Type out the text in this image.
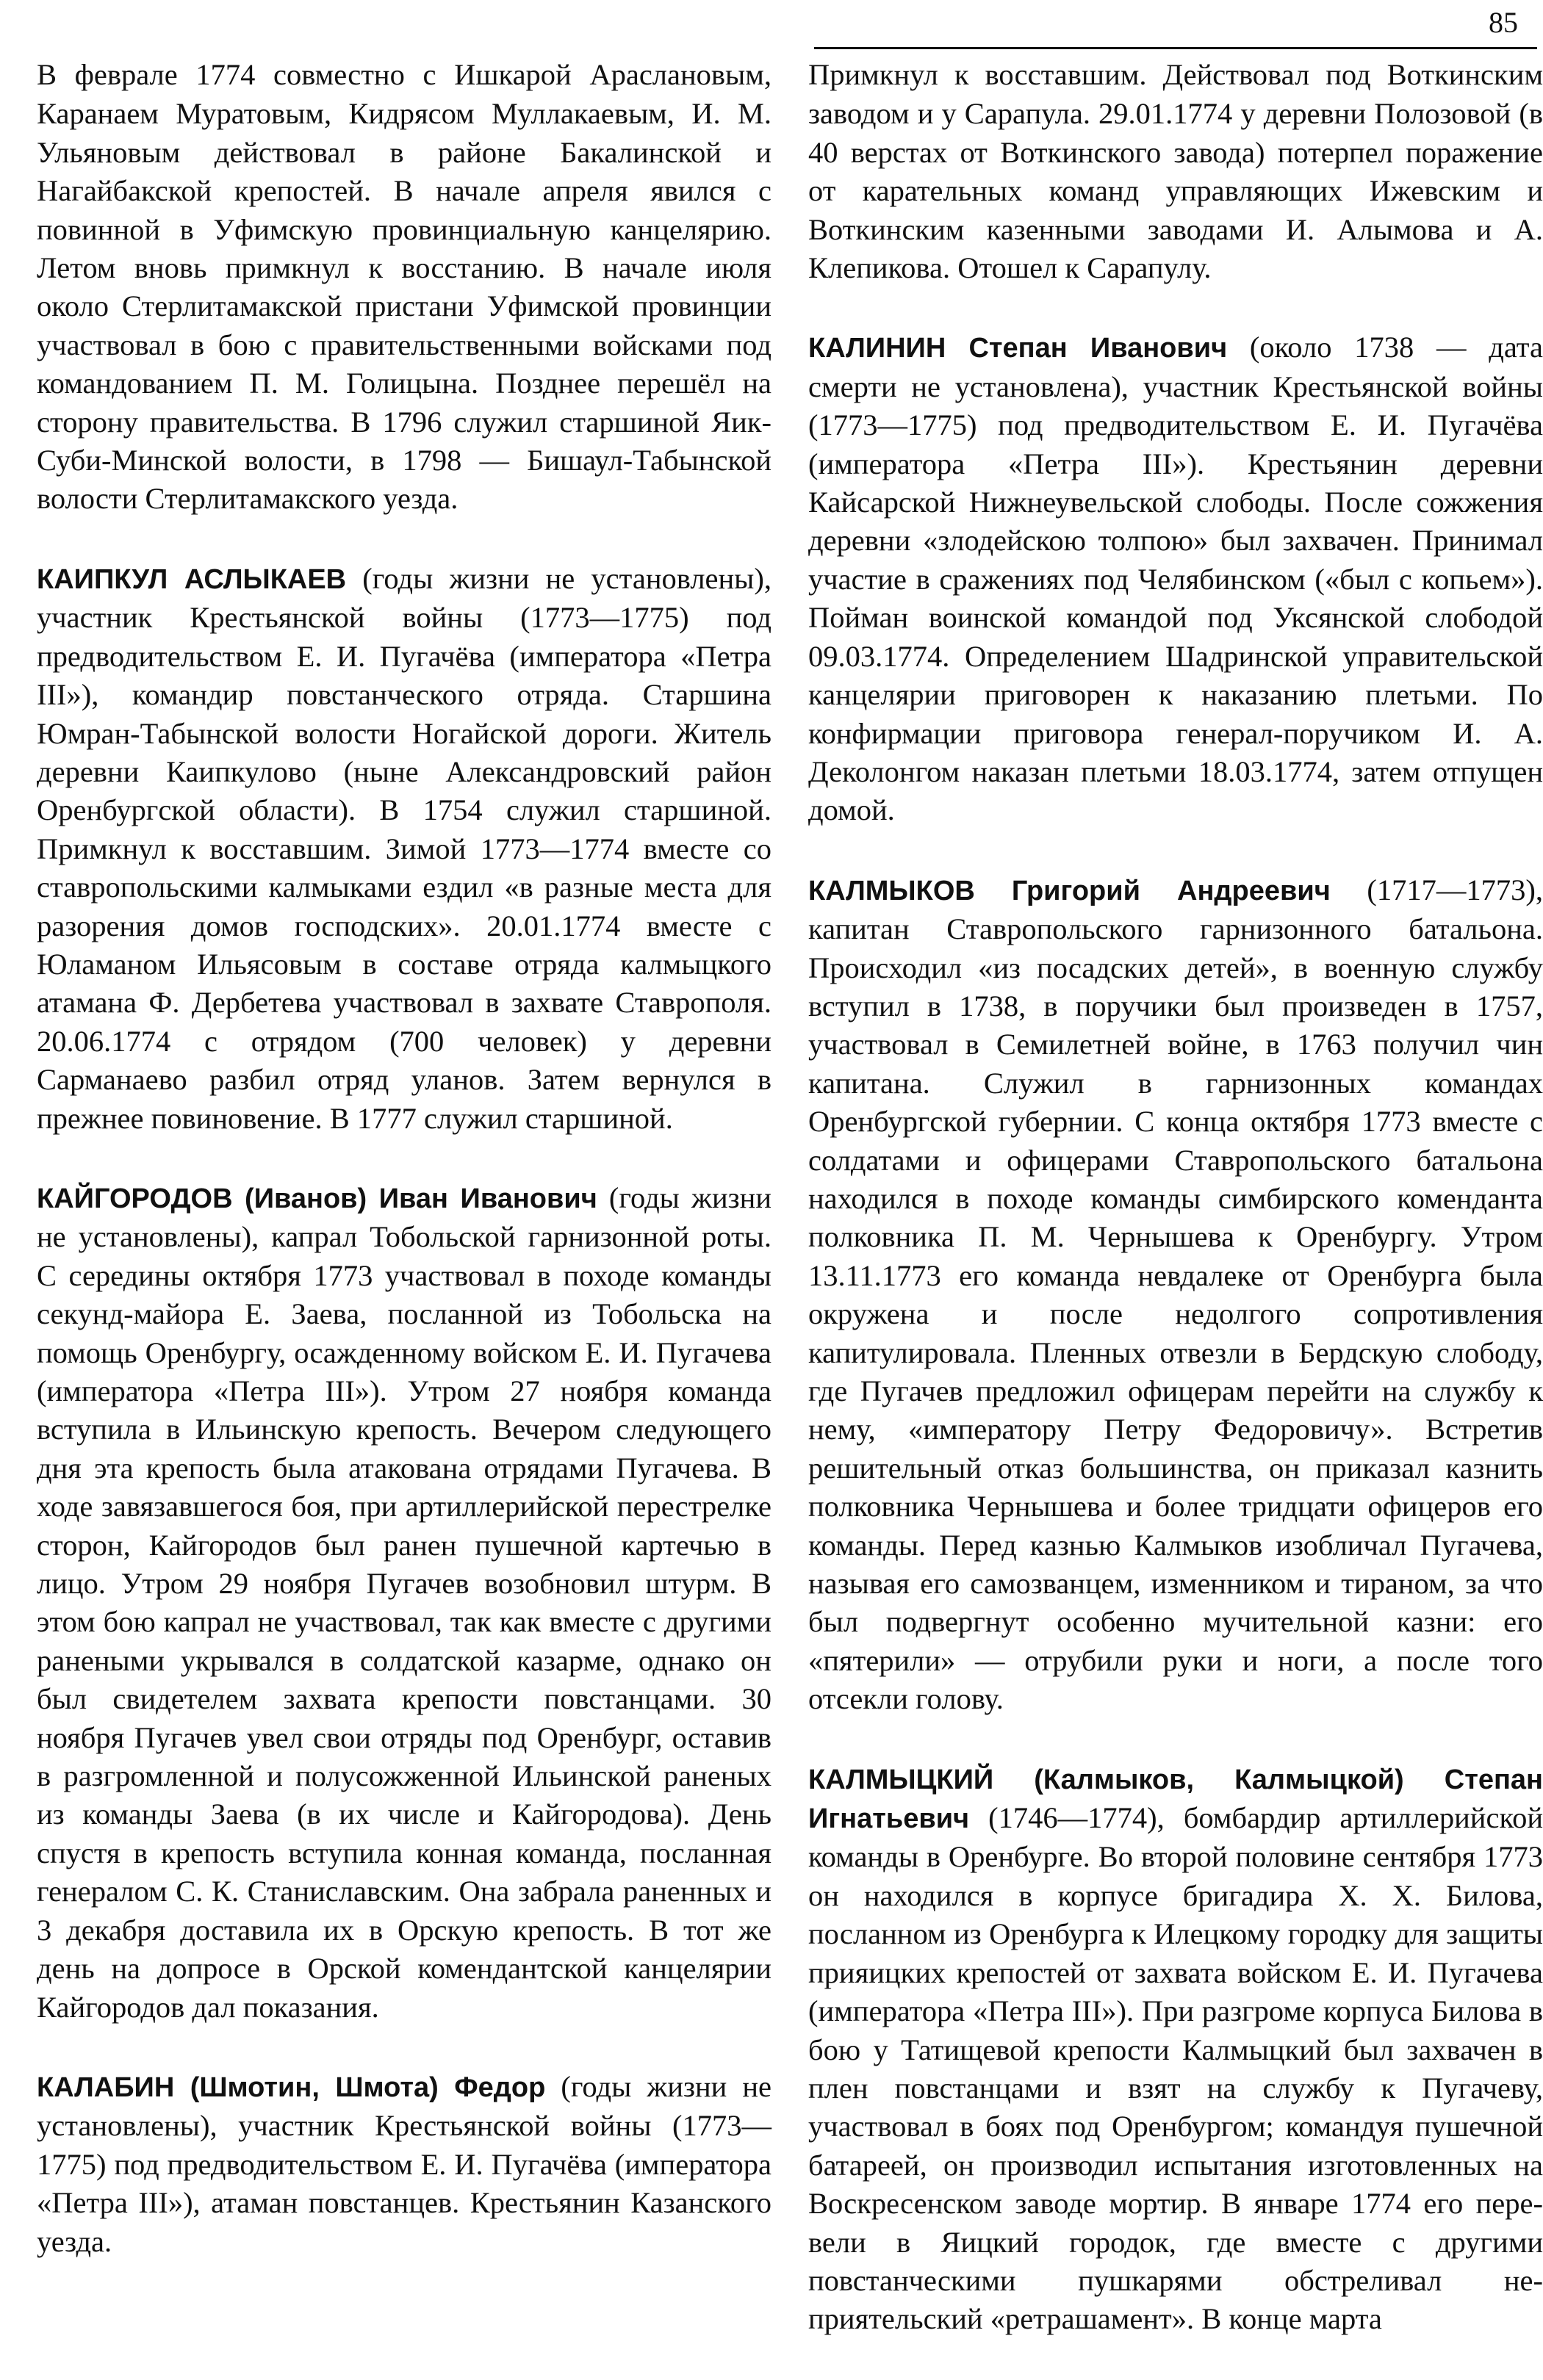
85

В феврале 1774 совместно с Ишкарой Араслановым, Каранаем Муратовым, Кидрясом Муллакаевым, И. М. Ульяновым действовал в районе Бакалинской и Нагайбакской крепостей. В начале апреля явился с повинной в Уфимскую провинциальную канцелярию. Летом вновь примкнул к восстанию. В начале июля около Стерлитамакской пристани Уфимской провинции участвовал в бою с правительственными войсками под командованием П. М. Голицына. Позднее перешёл на сторону правительства. В 1796 служил старшиной Яик-Суби-Минской волости, в 1798 — Бишаул-Табынской волости Стерлитамакского уезда.

КАИПКУЛ АСЛЫКАЕВ (годы жизни не установлены), участник Крестьянской войны (1773—1775) под предводительством Е. И. Пугачёва (императора «Петра III»), командир повстанческого отряда. Старшина Юмран-Табынской волости Ногайской дороги. Житель деревни Каипкулово (ныне Александровский район Оренбургской области). В 1754 служил старшиной. Примкнул к восставшим. Зимой 1773—1774 вместе со ставропольскими калмыками ездил «в разные места для разорения домов господских». 20.01.1774 вместе с Юламаном Ильясовым в составе отряда калмыцкого атамана Ф. Дербетева участвовал в захвате Ставрополя. 20.06.1774 с отрядом (700 человек) у деревни Сарманаево разбил отряд уланов. Затем вернулся в прежнее повиновение. В 1777 служил старшиной.

КАЙГОРОДОВ (Иванов) Иван Иванович (годы жизни не установлены), капрал Тобольской гарнизонной роты. С середины октября 1773 участвовал в походе команды секунд-майора Е. Заева, посланной из Тобольска на помощь Оренбургу, осажденному войском Е. И. Пугачева (императора «Петра III»). Утром 27 ноября команда вступила в Ильинскую крепость. Вечером следующего дня эта крепость была атакована отрядами Пугачева. В ходе завязавшегося боя, при артиллерийской перестрелке сторон, Кайгородов был ранен пушечной картечью в лицо. Утром 29 ноября Пугачев возобновил штурм. В этом бою капрал не участвовал, так как вместе с другими ранеными укрывался в солдатской казарме, однако он был свидетелем захвата крепости повстанцами. 30 ноября Пугачев увел свои отряды под Оренбург, оставив в разгромленной и полусожженной Ильинской раненых из команды Заева (в их числе и Кайгородова). День спустя в крепость вступила конная команда, посланная генералом С. К. Станиславским. Она забрала раненных и 3 декабря доставила их в Орскую крепость. В тот же день на допросе в Орской комендантской канцелярии Кайгородов дал показания.

КАЛАБИН (Шмотин, Шмота) Федор (годы жизни не установлены), участник Крестьянской войны (1773—1775) под предводительством Е. И. Пугачёва (императора «Петра III»), атаман повстанцев. Крестьянин Казанского уезда.

Примкнул к восставшим. Действовал под Воткинским заводом и у Сарапула. 29.01.1774 у деревни Полозовой (в 40 верстах от Воткинского завода) потерпел поражение от карательных команд управляющих Ижевским и Воткинским казенными заводами И. Алымова и А. Клепикова. Отошел к Сарапулу.

КАЛИНИН Степан Иванович (около 1738 — дата смерти не установлена), участник Крестьянской войны (1773—1775) под предводительством Е. И. Пугачёва (императора «Петра III»). Крестьянин деревни Кайсарской Нижнеувельской слободы. После сожжения деревни «злодейскою толпою» был захвачен. Принимал участие в сражениях под Челябинском («был с копьем»). Пойман воинской командой под Уксянской слободой 09.03.1774. Определением Шадринской управительской канцелярии приговорен к наказанию плетьми. По конфирмации приговора генерал-поручиком И. А. Деколонгом наказан плетьми 18.03.1774, затем отпущен домой.

КАЛМЫКОВ Григорий Андреевич (1717—1773), капитан Ставропольского гарнизонного батальона. Происходил «из посадских детей», в военную службу вступил в 1738, в поручики был произведен в 1757, участвовал в Семилетней войне, в 1763 получил чин капитана. Служил в гарнизонных командах Оренбургской губернии. С конца октября 1773 вместе с солдатами и офицерами Ставропольского батальона находился в походе команды симбирского коменданта полковника П. М. Чернышева к Оренбургу. Утром 13.11.1773 его команда невдалеке от Оренбурга была окружена и после недолгого сопротивления капитулировала. Пленных отвезли в Бердскую слободу, где Пугачев предложил офицерам перейти на службу к нему, «императору Петру Федоровичу». Встретив решительный отказ большинства, он приказал казнить полковника Чернышева и более тридцати офицеров его команды. Перед казнью Калмыков изобличал Пугачева, называя его самозванцем, изменником и тираном, за что был подвергнут особенно мучительной казни: его «пятерили» — отрубили руки и ноги, а после того отсекли голову.

КАЛМЫЦКИЙ (Калмыков, Калмыцкой) Степан Игнатьевич (1746—1774), бомбардир артиллерийской команды в Оренбурге. Во второй половине сентября 1773 он находился в корпусе бригадира Х. Х. Билова, посланном из Оренбурга к Илецкому городку для защиты прияицких крепостей от захвата войском Е. И. Пугачева (императора «Петра III»). При разгроме корпуса Билова в бою у Татищевой крепости Калмыцкий был захвачен в плен повстанцами и взят на службу к Пугачеву, участвовал в боях под Оренбургом; командуя пушечной батареей, он производил испытания изготовленных на Воскресенском заводе мортир. В январе 1774 его перевели в Яицкий городок, где вместе с другими повстанческими пушкарями обстреливал неприятельский «ретрашамент». В конце марта
